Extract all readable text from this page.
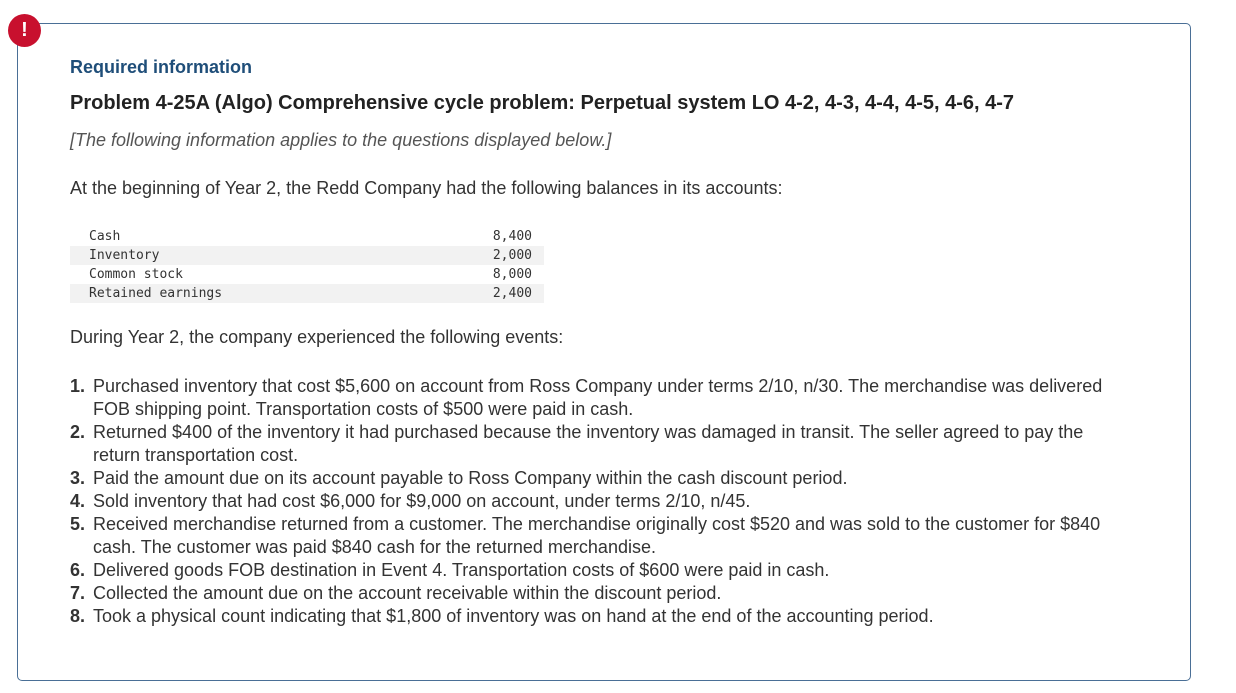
!

Required information

Problem 4-25A (Algo) Comprehensive cycle problem: Perpetual system LO 4-2, 4-3, 4-4, 4-5, 4-6, 4-7

[The following information applies to the questions displayed below.]

At the beginning of Year 2, the Redd Company had the following balances in its accounts:

Cash	8,400
Inventory	2,000
Common stock	8,000
Retained earnings	2,400

During Year 2, the company experienced the following events:

1. Purchased inventory that cost $5,600 on account from Ross Company under terms 2/10, n/30. The merchandise was delivered FOB shipping point. Transportation costs of $500 were paid in cash.
2. Returned $400 of the inventory it had purchased because the inventory was damaged in transit. The seller agreed to pay the return transportation cost.
3. Paid the amount due on its account payable to Ross Company within the cash discount period.
4. Sold inventory that had cost $6,000 for $9,000 on account, under terms 2/10, n/45.
5. Received merchandise returned from a customer. The merchandise originally cost $520 and was sold to the customer for $840 cash. The customer was paid $840 cash for the returned merchandise.
6. Delivered goods FOB destination in Event 4. Transportation costs of $600 were paid in cash.
7. Collected the amount due on the account receivable within the discount period.
8. Took a physical count indicating that $1,800 of inventory was on hand at the end of the accounting period.
